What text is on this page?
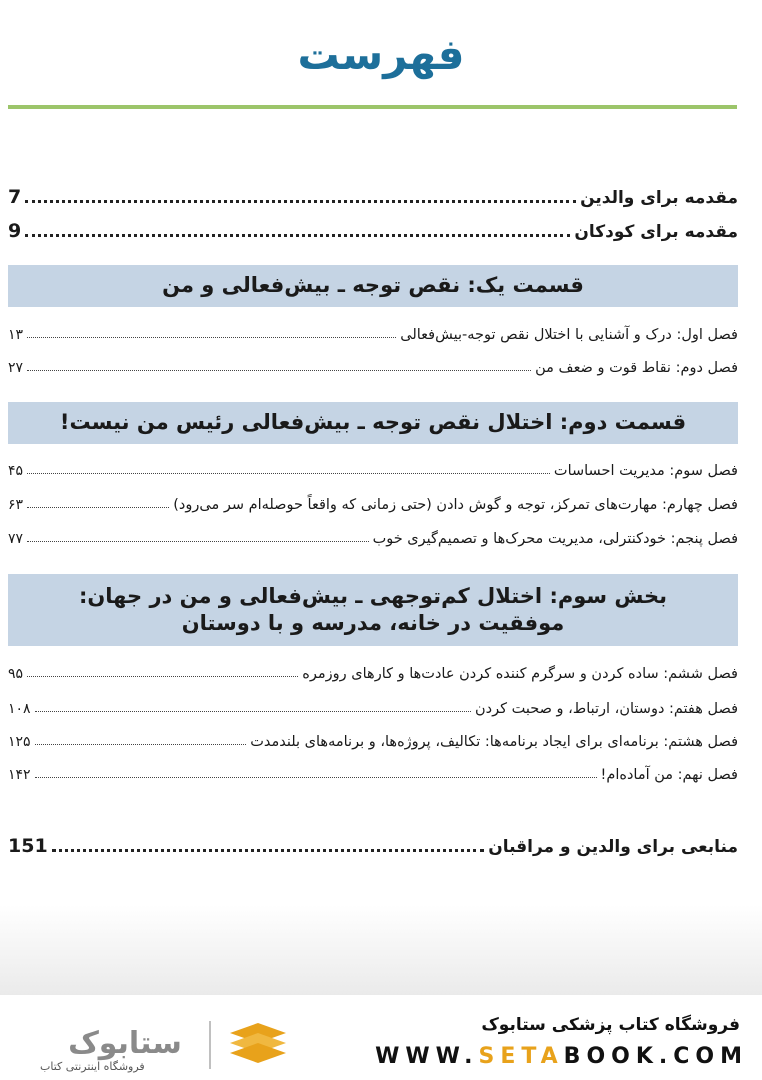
فهرست
7	مقدمه برای والدین
9	مقدمه برای کودکان
قسمت یک: نقص توجه ـ بیش‌فعالی و من
۱۳	فصل اول: درک و آشنایی با اختلال نقص توجه-بیش‌فعالی
۲۷	فصل دوم: نقاط قوت و ضعف من
قسمت دوم: اختلال نقص توجه ـ بیش‌فعالی رئیس من نیست!
۴۵	فصل سوم: مدیریت احساسات
۶۳	فصل چهارم: مهارت‌های تمرکز، توجه و گوش دادن (حتی زمانی که واقعاً حوصله‌ام سر می‌رود)
۷۷	فصل پنجم: خودکنترلی، مدیریت محرک‌ها و تصمیم‌گیری خوب
بخش سوم: اختلال کم‌توجهی ـ بیش‌فعالی و من در جهان:
موفقیت در خانه، مدرسه و با دوستان
۹۵	فصل ششم: ساده کردن و سرگرم کننده کردن عادت‌ها و کارهای روزمره
۱۰۸	فصل هفتم: دوستان، ارتباط، و صحبت کردن
۱۲۵	فصل هشتم: برنامه‌ای برای ایجاد برنامه‌ها: تکالیف، پروژه‌ها، و برنامه‌های بلندمدت
۱۴۲	فصل نهم: من آماده‌ام!
151	منابعی برای والدین و مراقبان
ستابوک
فروشگاه اینترنتی کتاب
فروشگاه کتاب پزشکی ستابوک
WWW.SETABOOK.COM
